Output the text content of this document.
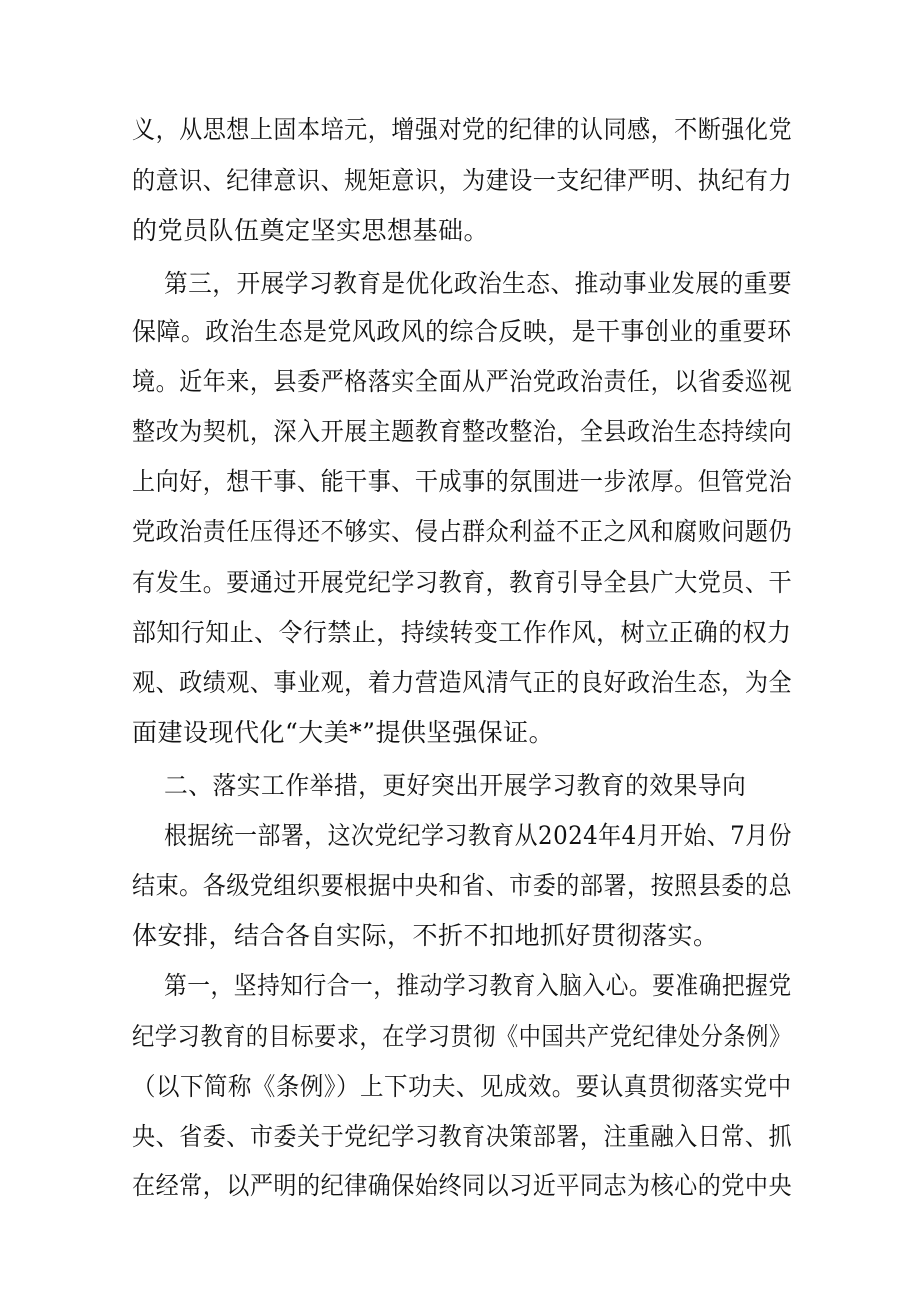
义，从思想上固本培元，增强对党的纪律的认同感，不断强化党
的意识、纪律意识、规矩意识，为建设一支纪律严明、执纪有力
的党员队伍奠定坚实思想基础。
第三，开展学习教育是优化政治生态、推动事业发展的重要
保障。政治生态是党风政风的综合反映，是干事创业的重要环
境。近年来，县委严格落实全面从严治党政治责任，以省委巡视
整改为契机，深入开展主题教育整改整治，全县政治生态持续向
上向好，想干事、能干事、干成事的氛围进一步浓厚。但管党治
党政治责任压得还不够实、侵占群众利益不正之风和腐败问题仍
有发生。要通过开展党纪学习教育，教育引导全县广大党员、干
部知行知止、令行禁止，持续转变工作作风，树立正确的权力
观、政绩观、事业观，着力营造风清气正的良好政治生态，为全
面建设现代化“大美*”提供坚强保证。
二、落实工作举措，更好突出开展学习教育的效果导向
根据统一部署，这次党纪学习教育从2024年4月开始、7月份
结束。各级党组织要根据中央和省、市委的部署，按照县委的总
体安排，结合各自实际，不折不扣地抓好贯彻落实。
第一，坚持知行合一，推动学习教育入脑入心。要准确把握党
纪学习教育的目标要求，在学习贯彻《中国共产党纪律处分条例》
（以下简称《条例》）上下功夫、见成效。要认真贯彻落实党中
央、省委、市委关于党纪学习教育决策部署，注重融入日常、抓
在经常，以严明的纪律确保始终同以习近平同志为核心的党中央
